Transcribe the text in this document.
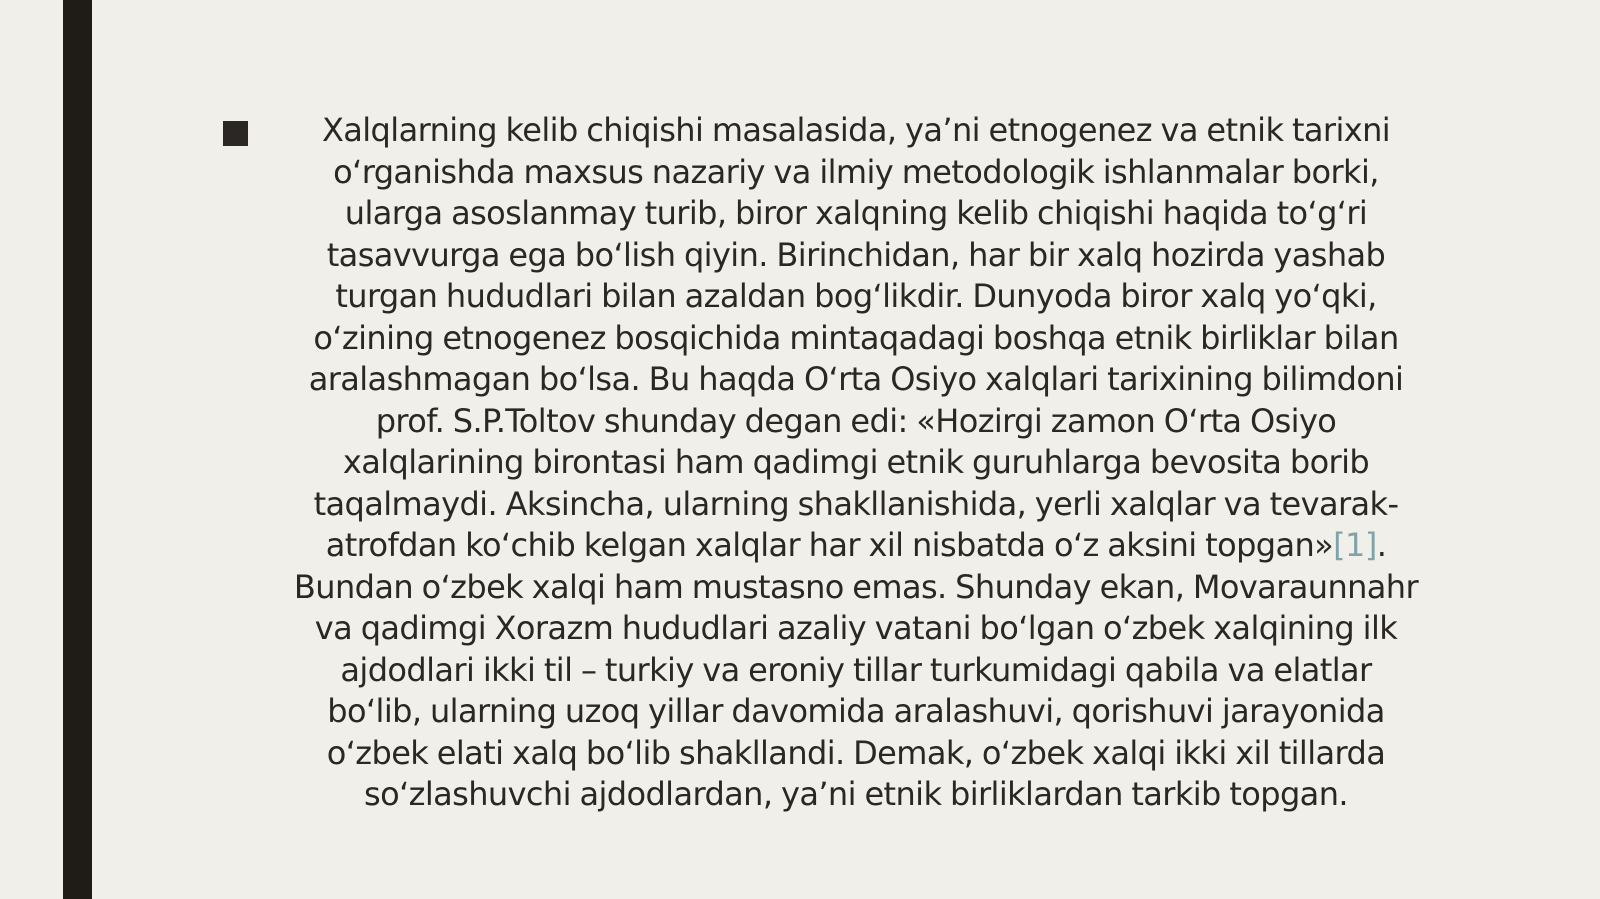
Xalqlarning kelib chiqishi masalasida, ya’ni etnogenez va etnik tarixni
o‘rganishda maxsus nazariy va ilmiy metodologik ishlanmalar borki,
ularga asoslanmay turib, biror xalqning kelib chiqishi haqida to‘g‘ri
tasavvurga ega bo‘lish qiyin. Birinchidan, har bir xalq hozirda yashab
turgan hududlari bilan azaldan bog‘likdir. Dunyoda biror xalq yo‘qki,
o‘zining etnogenez bosqichida mintaqadagi boshqa etnik birliklar bilan
aralashmagan bo‘lsa. Bu haqda O‘rta Osiyo xalqlari tarixining bilimdoni
prof. S.P.Toltov shunday degan edi: «Hozirgi zamon O‘rta Osiyo
xalqlarining birontasi ham qadimgi etnik guruhlarga bevosita borib
taqalmaydi. Aksincha, ularning shakllanishida, yerli xalqlar va tevarak-
atrofdan ko‘chib kelgan xalqlar har xil nisbatda o‘z aksini topgan»[1].
Bundan o‘zbek xalqi ham mustasno emas. Shunday ekan, Movaraunnahr
va qadimgi Xorazm hududlari azaliy vatani bo‘lgan o‘zbek xalqining ilk
ajdodlari ikki til – turkiy va eroniy tillar turkumidagi qabila va elatlar
bo‘lib, ularning uzoq yillar davomida aralashuvi, qorishuvi jarayonida
o‘zbek elati xalq bo‘lib shakllandi. Demak, o‘zbek xalqi ikki xil tillarda
so‘zlashuvchi ajdodlardan, ya’ni etnik birliklardan tarkib topgan.
